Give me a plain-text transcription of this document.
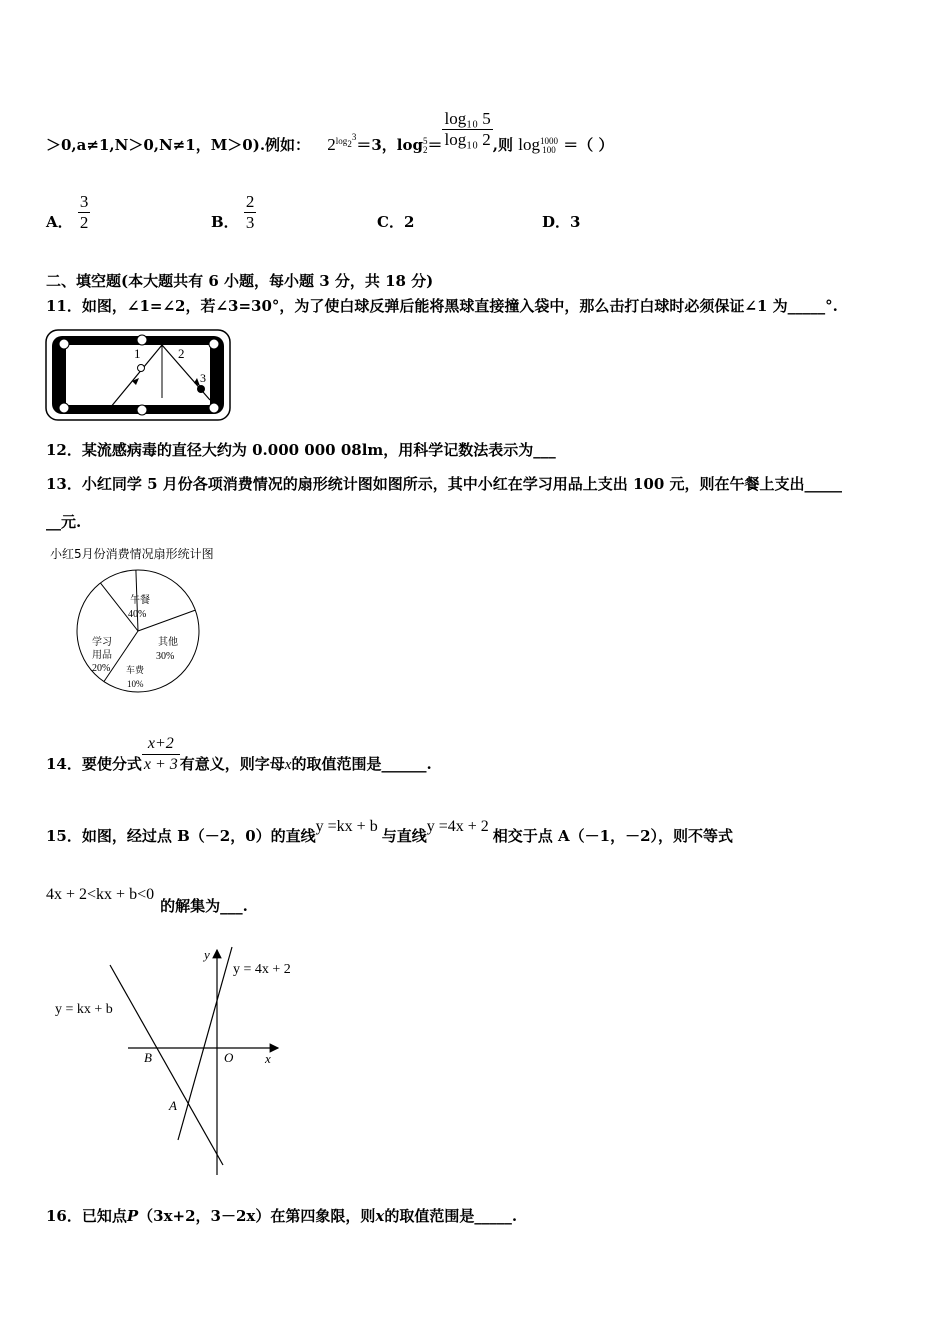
＞0,a≠1,N＞0,N≠1，M＞0).例如： $2^{log_2^3}=3$，log 5
$2 = \frac{\text{log₁₀ 5}}{\text{log₁₀ 2}}$ ,则 log 1000
100 ＝（ ）
A． $\frac{3}{2}$	B． $\frac{2}{3}$	C．2	D．3
二、填空题(本大题共有 6 小题，每小题 3 分，共 18 分)
11．如图，∠1=∠2，若∠3=30°，为了使白球反弹后能将黑球直接撞入袋中，那么击打白球时必须保证∠1 为_____°.
1	2
3
12．某流感病毒的直径大约为 0.000 000 08lm，用科学记数法表示为___
13．小红同学 5 月份各项消费情况的扇形统计图如图所示，其中小红在学习用品上支出 100 元，则在午餐上支出_____
__元.
小红5月份消费情况扇形统计图
午餐
40%
其他
30%
车费
10%
学习
用品
20%
14．要使分式 $\frac{x+2}{x + 3}$ 有意义，则字母x的取值范围是______.
15．如图，经过点 B（－2，0）的直线y =kx + b与直线y =4x + 2相交于点 A（－1，－2），则不等式
4x + 2<kx + b<0的解集为___.
y
x
y = 4x + 2
y = kx + b
B	O
A
16．已知点P（3x+2，3－2x）在第四象限，则x的取值范围是_____.
